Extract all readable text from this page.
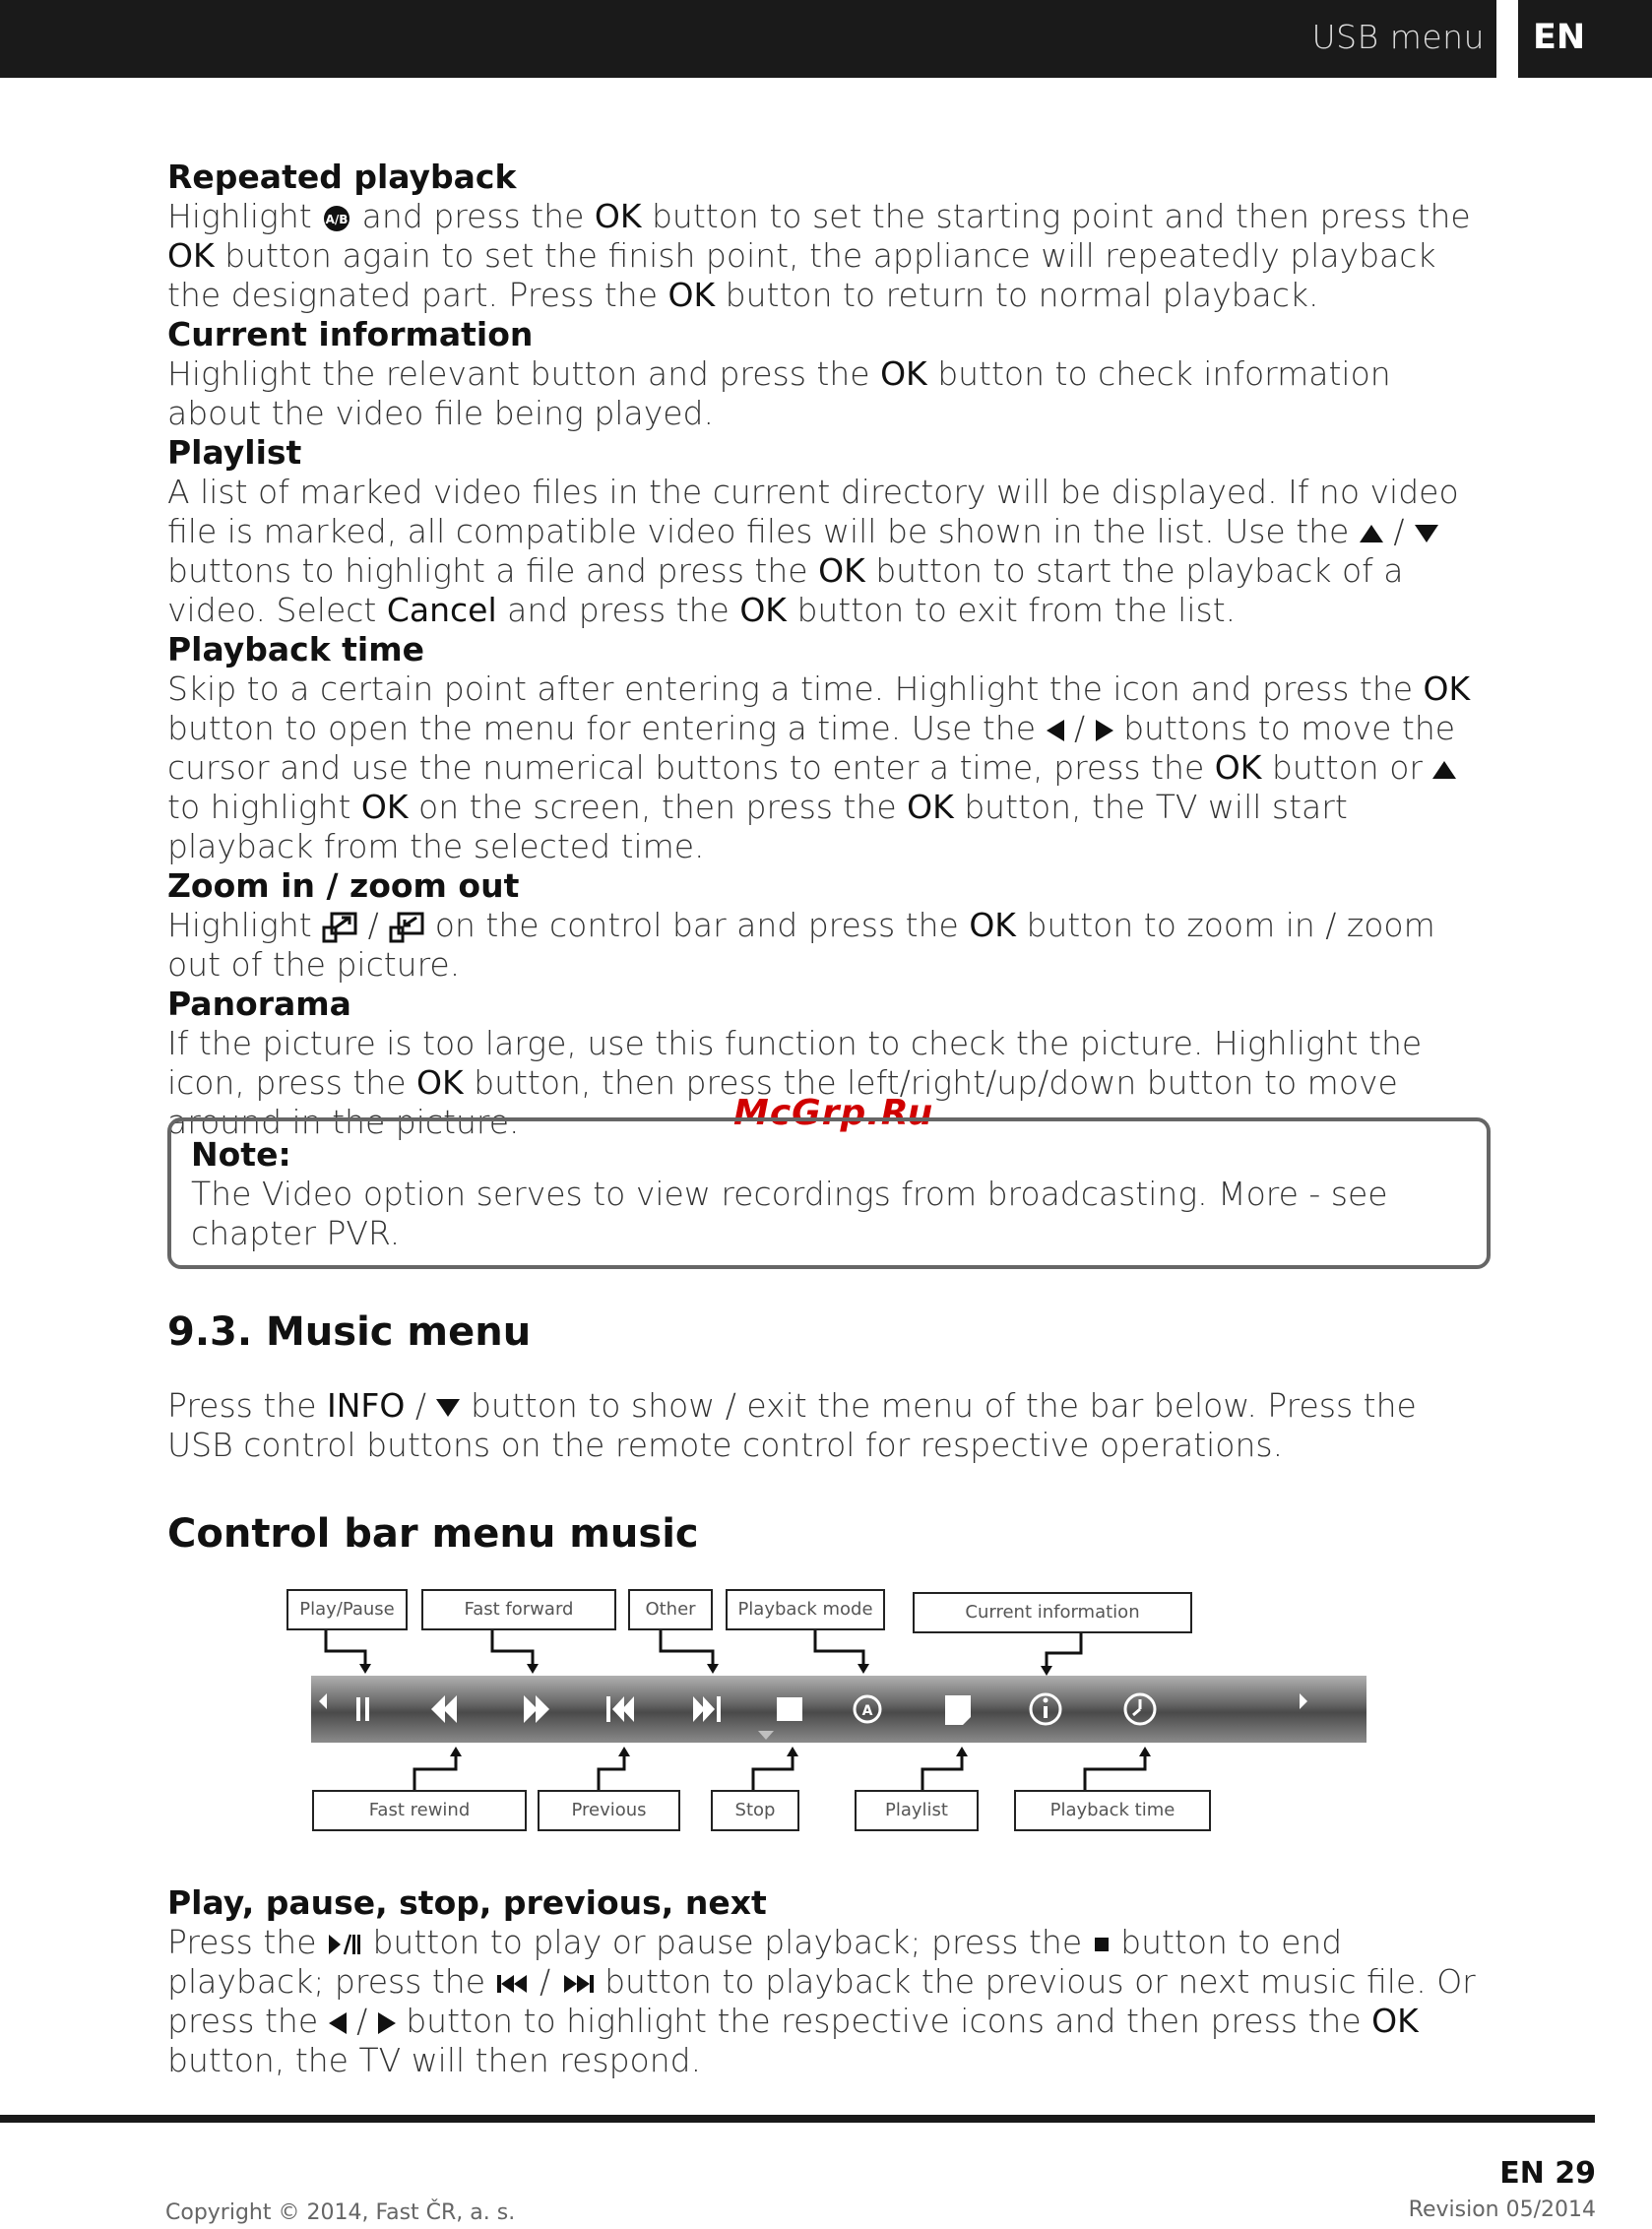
USB menu EN

Repeated playback

Highlight A/B and press the OK button to set the starting point and then press the OK button again to set the finish point, the appliance will repeatedly playback the designated part. Press the OK button to return to normal playback.

Current information

Highlight the relevant button and press the OK button to check information about the video file being played.

Playlist

A list of marked video files in the current directory will be displayed. If no video file is marked, all compatible video files will be shown in the list. Use the  /  buttons to highlight a file and press the OK button to start the playback of a video. Select Cancel and press the OK button to exit from the list.

Playback time

Skip to a certain point after entering a time. Highlight the icon and press the OK button to open the menu for entering a time. Use the  /  buttons to move the cursor and use the numerical buttons to enter a time, press the OK button or  to highlight OK on the screen, then press the OK button, the TV will start playback from the selected time.

Zoom in / zoom out

Highlight  /  on the control bar and press the OK button to zoom in / zoom out of the picture.

Panorama

If the picture is too large, use this function to check the picture. Highlight the icon, press the OK button, then press the left/right/up/down button to move around in the picture.	McGrp.Ru
Note:
The Video option serves to view recordings from broadcasting. More - see chapter PVR.
9.3. Music menu
Press the INFO /  button to show / exit the menu of the bar below. Press the USB control buttons on the remote control for respective operations.
Control bar menu music
Play/Pause	Fast forward	Other	Playback mode	Current information
A
Fast rewind	Previous	Stop	Playlist	Playback time

Play, pause, stop, previous, next

Press the  button to play or pause playback; press the  button to end playback; press the  /  button to playback the previous or next music file. Or press the  /  button to highlight the respective icons and then press the OK button, the TV will then respond.

EN 29
Copyright © 2014, Fast ČR, a. s.	Revision 05/2014
